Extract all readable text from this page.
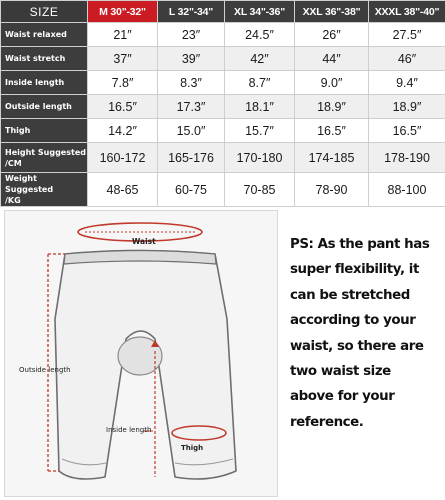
SIZE	M 30"-32"	L 32"-34"	XL 34"-36"	XXL 36"-38"	XXXL 38"-40"
Waist relaxed	21″	23″	24.5″	26″	27.5″
Waist stretch	37″	39″	42″	44″	46″
Inside length	7.8″	8.3″	8.7″	9.0″	9.4″
Outside length	16.5″	17.3″	18.1″	18.9″	18.9″
Thigh	14.2″	15.0″	15.7″	16.5″	16.5″

Height Suggested
/CM	160-172	165-176	170-180	174-185	178-190

Weight Suggested
/KG	48-65	60-75	70-85	78-90	88-100
Waist
Outside length
Inside length
Thigh
PS: As the pant has
super flexibility, it
can be stretched
according to your
waist, so there are
two waist size
above for your
reference.
